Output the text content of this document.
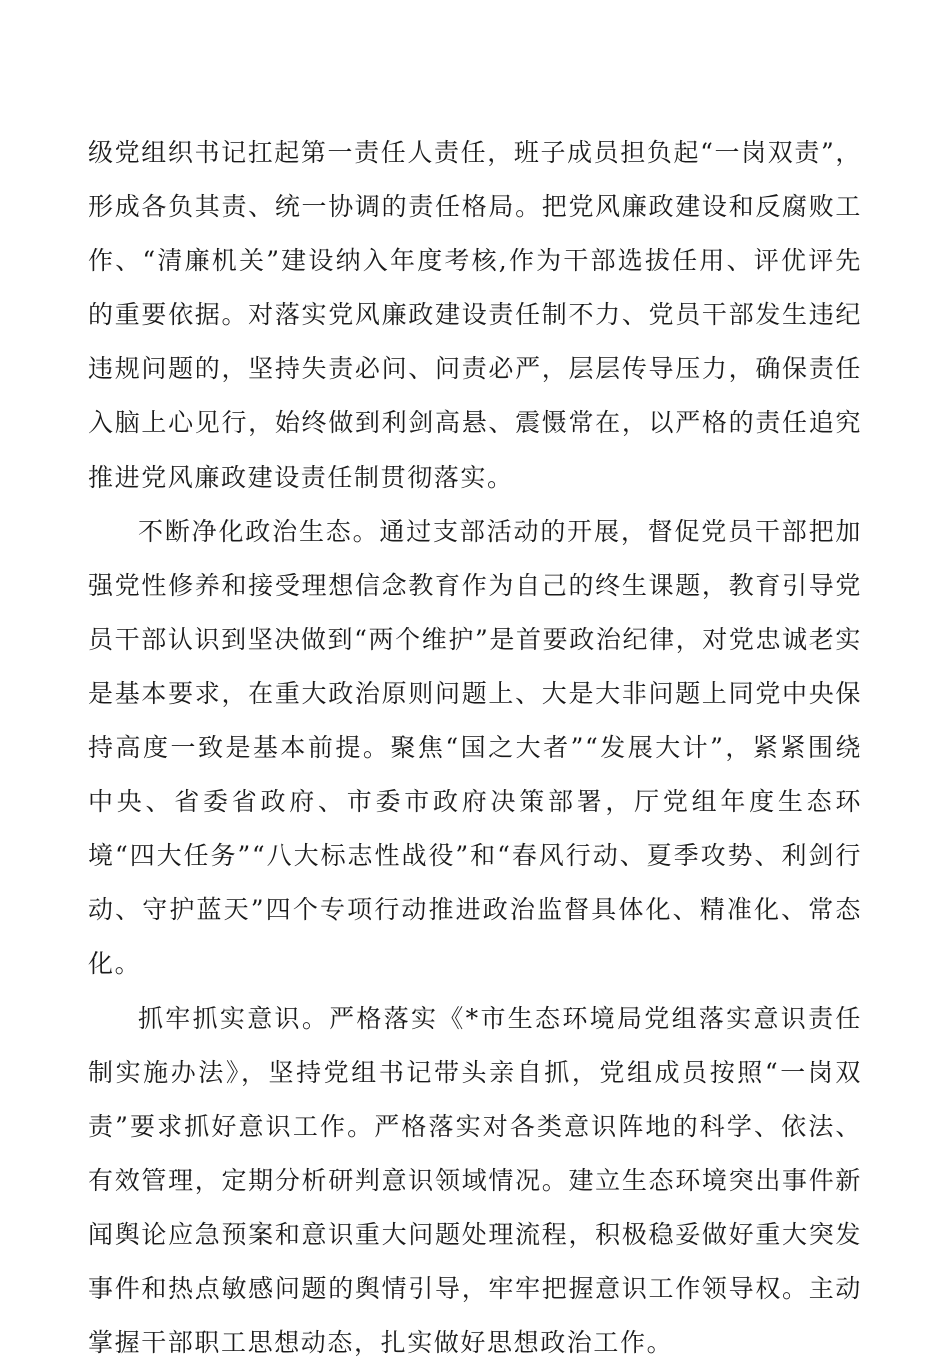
级党组织书记扛起第一责任人责任，班子成员担负起“一岗双责”，形成各负其责、统一协调的责任格局。把党风廉政建设和反腐败工作、“清廉机关”建设纳入年度考核,作为干部选拔任用、评优评先的重要依据。对落实党风廉政建设责任制不力、党员干部发生违纪违规问题的，坚持失责必问、问责必严，层层传导压力，确保责任入脑上心见行，始终做到利剑高悬、震慑常在，以严格的责任追究推进党风廉政建设责任制贯彻落实。

不断净化政治生态。通过支部活动的开展，督促党员干部把加强党性修养和接受理想信念教育作为自己的终生课题，教育引导党员干部认识到坚决做到“两个维护”是首要政治纪律，对党忠诚老实是基本要求，在重大政治原则问题上、大是大非问题上同党中央保持高度一致是基本前提。聚焦“国之大者”“发展大计”，紧紧围绕中央、省委省政府、市委市政府决策部署，厅党组年度生态环境“四大任务”“八大标志性战役”和“春风行动、夏季攻势、利剑行动、守护蓝天”四个专项行动推进政治监督具体化、精准化、常态化。

抓牢抓实意识。严格落实《*市生态环境局党组落实意识责任制实施办法》，坚持党组书记带头亲自抓，党组成员按照“一岗双责”要求抓好意识工作。严格落实对各类意识阵地的科学、依法、有效管理，定期分析研判意识领域情况。建立生态环境突出事件新闻舆论应急预案和意识重大问题处理流程，积极稳妥做好重大突发事件和热点敏感问题的舆情引导，牢牢把握意识工作领导权。主动掌握干部职工思想动态，扎实做好思想政治工作。
